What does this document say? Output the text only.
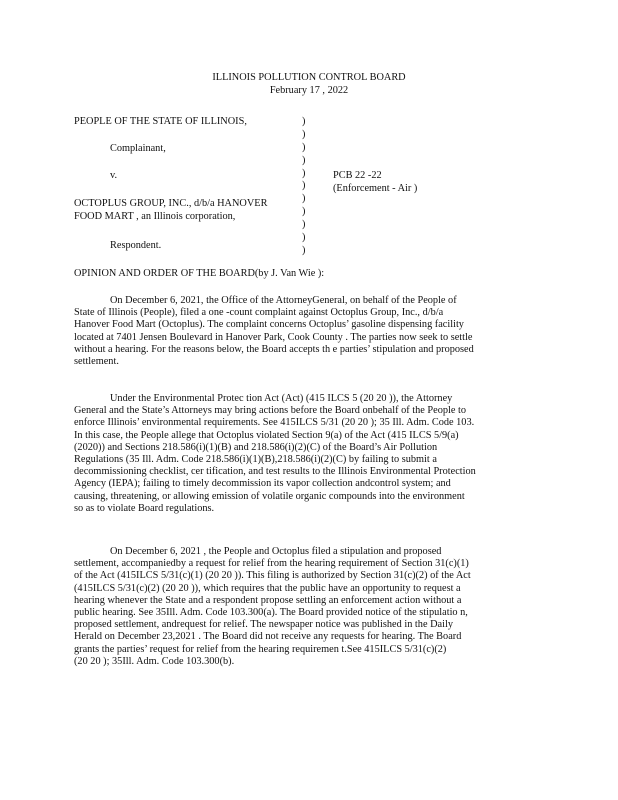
ILLINOIS POLLUTION CONTROL BOARD
February 17 , 2022
PEOPLE OF THE STATE OF ILLINOIS,
Complainant,
v.
OCTOPLUS GROUP, INC., d/b/a HANOVER
FOOD MART , an Illinois corporation,
Respondent.
)
)
)
)
)
)
)
)
)
)
)
PCB 22 -22
(Enforcement - Air )
OPINION AND ORDER OF THE BOARD(by J. Van Wie ):
On December 6, 2021, the Office of the AttorneyGeneral, on behalf of the People of
State of Illinois (People), filed a one -count complaint against Octoplus Group, Inc., d/b/a
Hanover Food Mart (Octoplus). The complaint concerns Octoplus’ gasoline dispensing facility
located at 7401 Jensen Boulevard in Hanover Park, Cook County . The parties now seek to settle
without a hearing. For the reasons below, the Board accepts th e parties’ stipulation and proposed
settlement.
Under the Environmental Protec tion Act (Act) (415 ILCS 5 (20 20 )), the Attorney
General and the State’s Attorneys may bring actions before the Board onbehalf of the People to
enforce Illinois’ environmental requirements. See 415ILCS 5/31 (20 20 ); 35 Ill. Adm. Code 103.
In this case, the People allege that Octoplus violated Section 9(a) of the Act (415 ILCS 5/9(a)
(2020)) and Sections 218.586(i)(1)(B) and 218.586(i)(2)(C) of the Board’s Air Pollution
Regulations (35 Ill. Adm. Code 218.586(i)(1)(B),218.586(i)(2)(C) by failing to submit a
decommissioning checklist, cer tification, and test results to the Illinois Environmental Protection
Agency (IEPA); failing to timely decommission its vapor collection andcontrol system; and
causing, threatening, or allowing emission of volatile organic compounds into the environment
so as to violate Board regulations.
On December 6, 2021 , the People and Octoplus filed a stipulation and proposed
settlement, accompaniedby a request for relief from the hearing requirement of Section 31(c)(1)
of the Act (415ILCS 5/31(c)(1) (20 20 )). This filing is authorized by Section 31(c)(2) of the Act
(415ILCS 5/31(c)(2) (20 20 )), which requires that the public have an opportunity to request a
hearing whenever the State and a respondent propose settling an enforcement action without a
public hearing. See 35Ill. Adm. Code 103.300(a). The Board provided notice of the stipulatio n,
proposed settlement, andrequest for relief. The newspaper notice was published in the Daily
Herald on December 23,2021 . The Board did not receive any requests for hearing. The Board
grants the parties’ request for relief from the hearing requiremen t.See 415ILCS 5/31(c)(2)
(20 20 ); 35Ill. Adm. Code 103.300(b).
